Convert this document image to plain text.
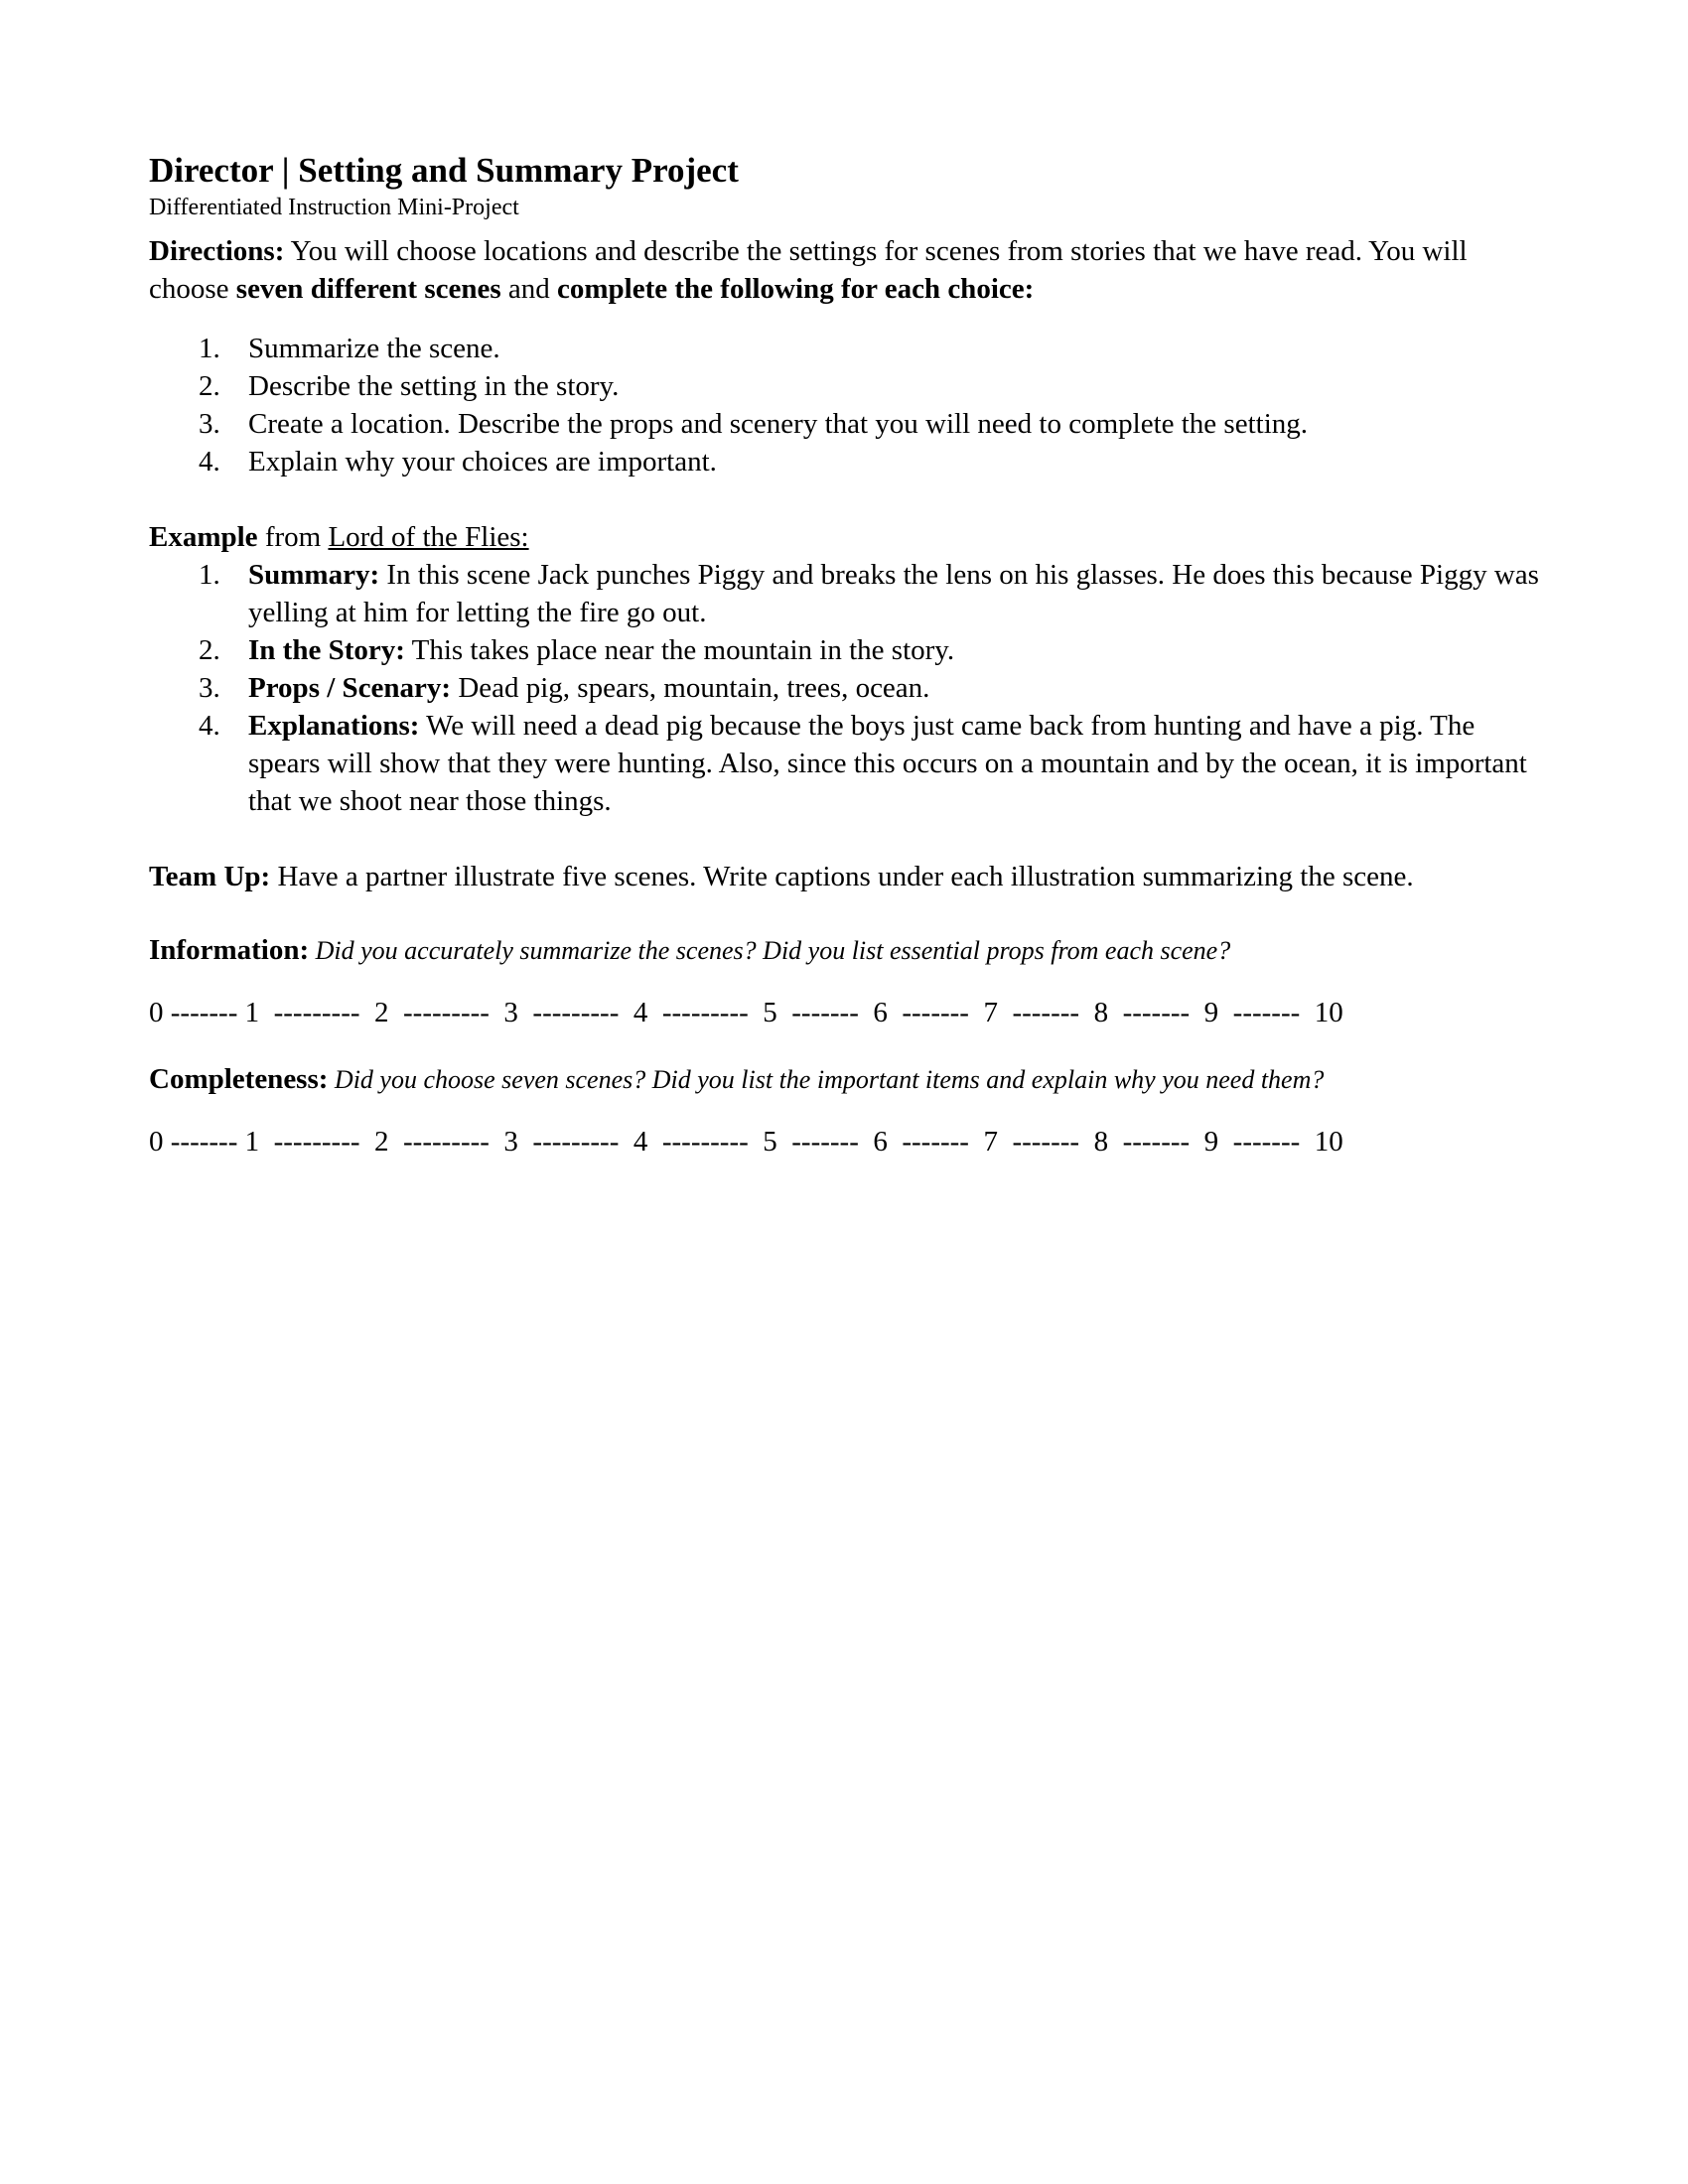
Director | Setting and Summary Project

Differentiated Instruction Mini-Project

Directions: You will choose locations and describe the settings for scenes from stories that we have read. You will choose seven different scenes and complete the following for each choice:

1. Summarize the scene.
2. Describe the setting in the story.
3. Create a location. Describe the props and scenery that you will need to complete the setting.
4. Explain why your choices are important.

Example from Lord of the Flies:

1. Summary: In this scene Jack punches Piggy and breaks the lens on his glasses. He does this because Piggy was yelling at him for letting the fire go out.
2. In the Story: This takes place near the mountain in the story.
3. Props / Scenary: Dead pig, spears, mountain, trees, ocean.
4. Explanations: We will need a dead pig because the boys just came back from hunting and have a pig. The spears will show that they were hunting. Also, since this occurs on a mountain and by the ocean, it is important that we shoot near those things.

Team Up: Have a partner illustrate five scenes. Write captions under each illustration summarizing the scene.

Information: Did you accurately summarize the scenes? Did you list essential props from each scene?

0 ------- 1  ---------  2  ---------  3  ---------  4  ---------  5  -------  6  -------  7  -------  8  -------  9  -------  10

Completeness: Did you choose seven scenes? Did you list the important items and explain why you need them?

0 ------- 1  ---------  2  ---------  3  ---------  4  ---------  5  -------  6  -------  7  -------  8  -------  9  -------  10
